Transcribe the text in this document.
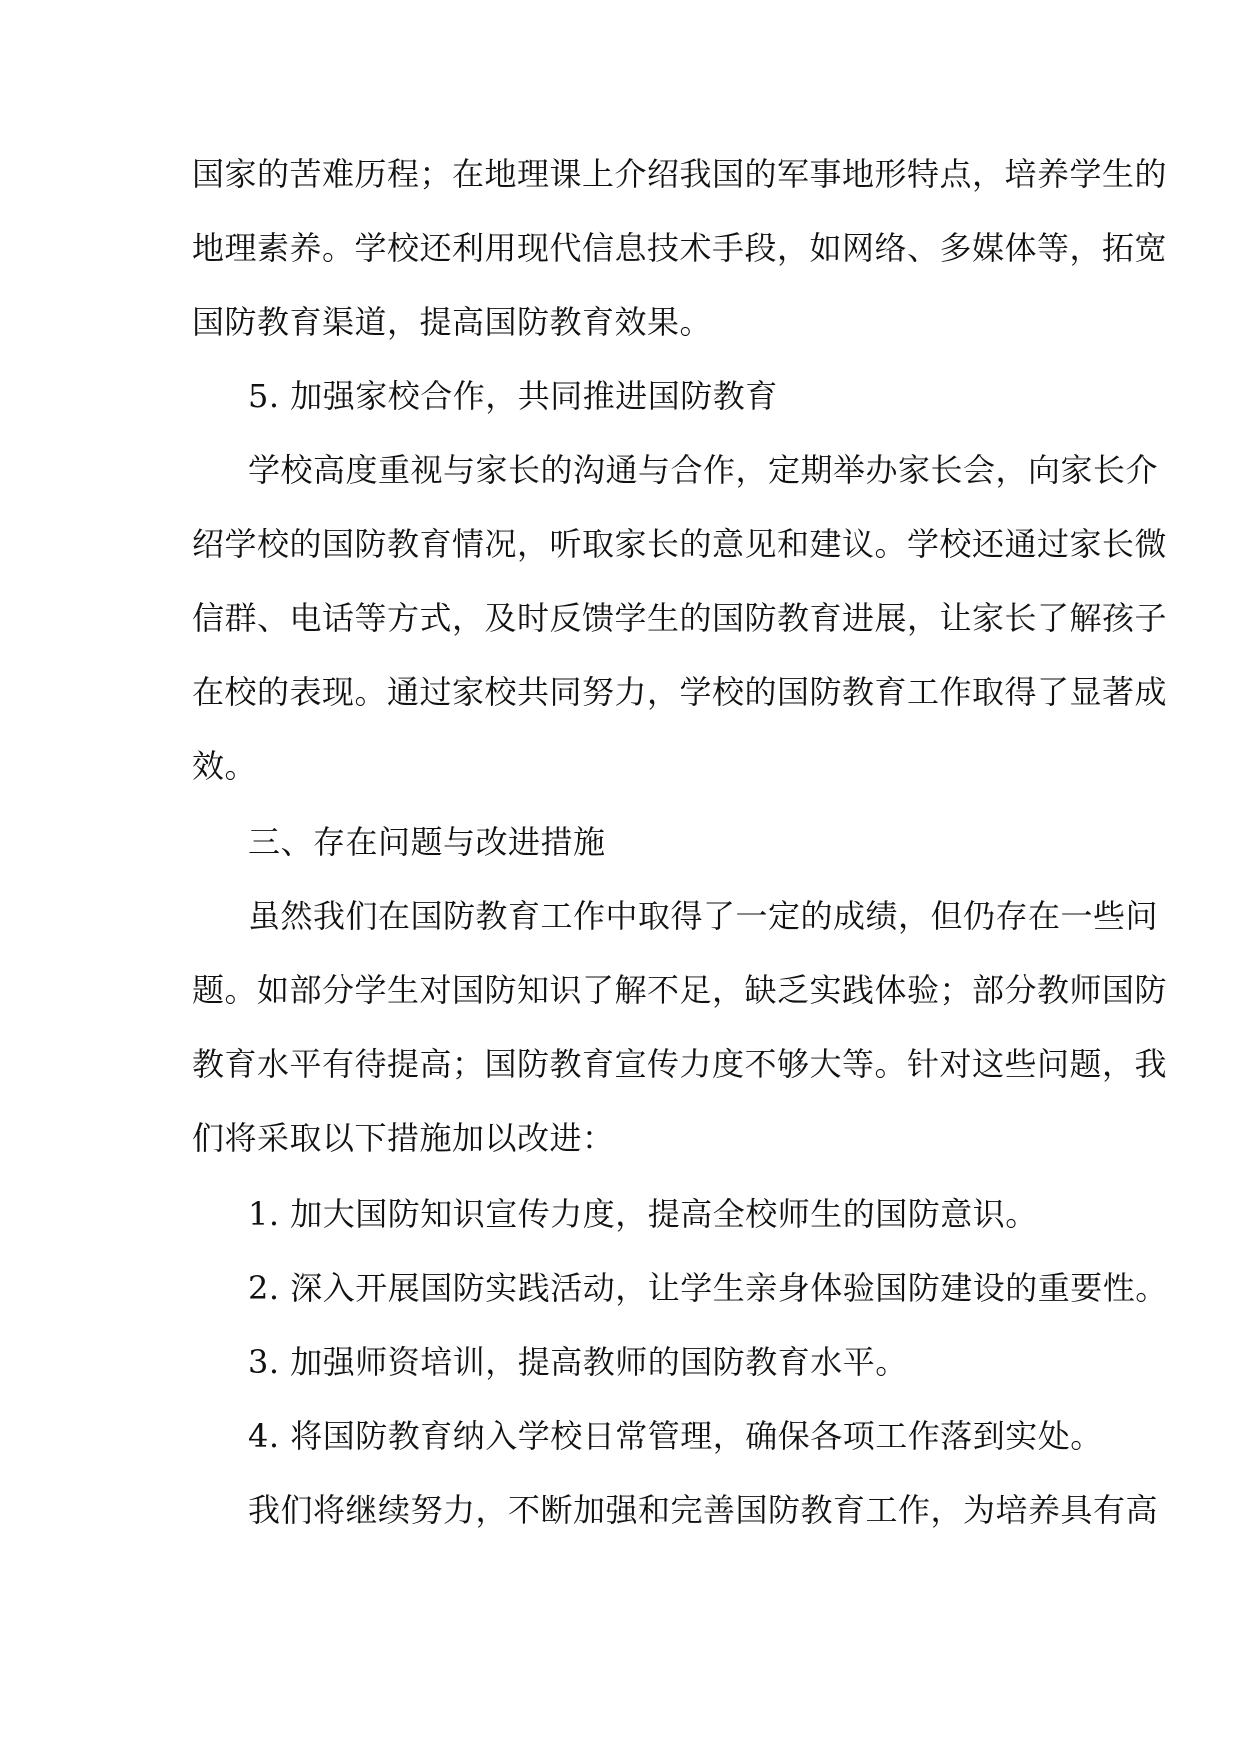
国家的苦难历程；在地理课上介绍我国的军事地形特点，培养学生的
地理素养。学校还利用现代信息技术手段，如网络、多媒体等，拓宽
国防教育渠道，提高国防教育效果。
5. 加强家校合作，共同推进国防教育
学校高度重视与家长的沟通与合作，定期举办家长会，向家长介
绍学校的国防教育情况，听取家长的意见和建议。学校还通过家长微
信群、电话等方式，及时反馈学生的国防教育进展，让家长了解孩子
在校的表现。通过家校共同努力，学校的国防教育工作取得了显著成
效。
三、存在问题与改进措施
虽然我们在国防教育工作中取得了一定的成绩，但仍存在一些问
题。如部分学生对国防知识了解不足，缺乏实践体验；部分教师国防
教育水平有待提高；国防教育宣传力度不够大等。针对这些问题，我
们将采取以下措施加以改进：
1. 加大国防知识宣传力度，提高全校师生的国防意识。
2. 深入开展国防实践活动，让学生亲身体验国防建设的重要性。
3. 加强师资培训，提高教师的国防教育水平。
4. 将国防教育纳入学校日常管理，确保各项工作落到实处。
我们将继续努力，不断加强和完善国防教育工作，为培养具有高
